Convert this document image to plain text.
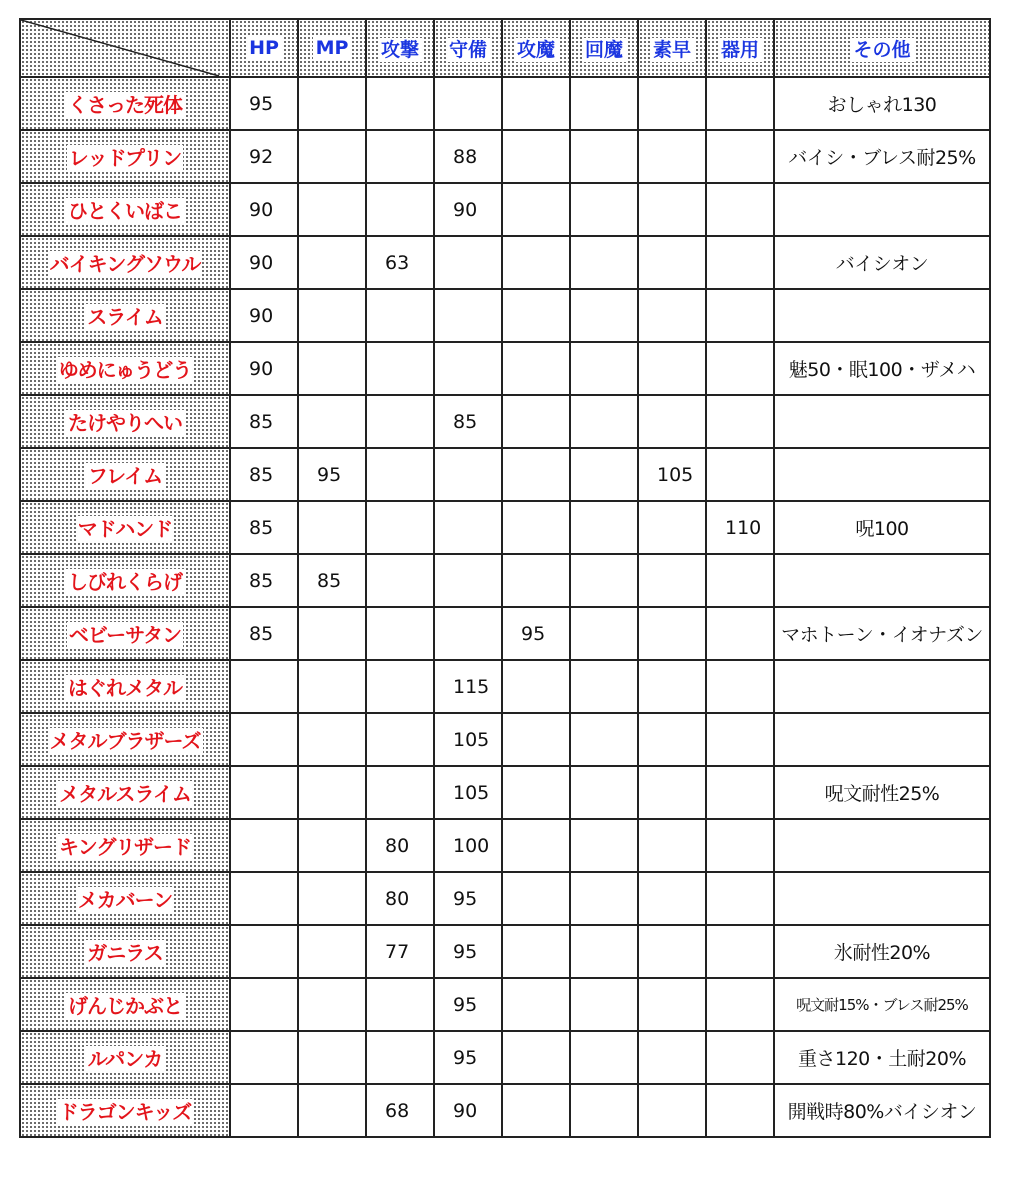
	HP	MP	攻撃	守備	攻魔	回魔	素早	器用	その他
くさった死体	95								おしゃれ130
レッドプリン	92			88					バイシ・ブレス耐25%
ひとくいばこ	90			90					
バイキングソウル	90		63						バイシオン
スライム	90								
ゆめにゅうどう	90								魅50・眠100・ザメハ
たけやりへい	85			85					
フレイム	85	95					105		
マドハンド	85							110	呪100
しびれくらげ	85	85							
ベビーサタン	85				95				マホトーン・イオナズン
はぐれメタル				115					
メタルブラザーズ				105					
メタルスライム				105					呪文耐性25%
キングリザード			80	100					
メカバーン			80	95					
ガニラス			77	95					氷耐性20%
げんじかぶと				95					呪文耐15%・ブレス耐25%
ルパンカ				95					重さ120・土耐20%
ドラゴンキッズ			68	90					開戦時80%バイシオン
